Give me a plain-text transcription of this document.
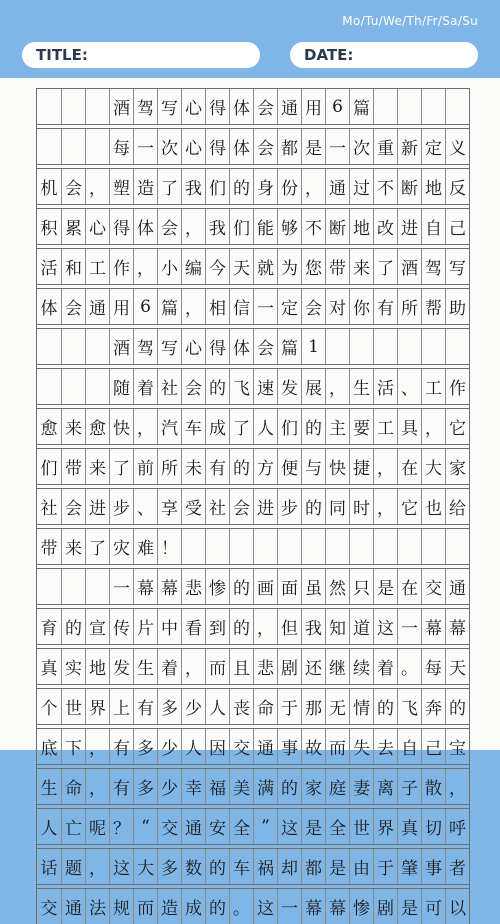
Mo/Tu/We/Th/Fr/Sa/Su
TITLE:	DATE:
酒 驾 写 心 得 体 会 通 用 6 篇
每 一 次 心 得 体 会 都 是 一 次 重 新 定 义
机 会 ， 塑 造 了 我 们 的 身 份 ， 通 过 不 断 地 反
积 累 心 得 体 会 ， 我 们 能 够 不 断 地 改 进 自 己
活 和 工 作 ， 小 编 今 天 就 为 您 带 来 了 酒 驾 写
体 会 通 用 6 篇 ， 相 信 一 定 会 对 你 有 所 帮 助
酒 驾 写 心 得 体 会 篇 1
随 着 社 会 的 飞 速 发 展 ， 生 活 、 工 作
愈 来 愈 快 ， 汽 车 成 了 人 们 的 主 要 工 具 ， 它
们 带 来 了 前 所 未 有 的 方 便 与 快 捷 ， 在 大 家
社 会 进 步 、 享 受 社 会 进 步 的 同 时 ， 它 也 给
带 来 了 灾 难 ！
一 幕 幕 悲 惨 的 画 面 虽 然 只 是 在 交 通
育 的 宣 传 片 中 看 到 的 ， 但 我 知 道 这 一 幕 幕
真 实 地 发 生 着 ， 而 且 悲 剧 还 继 续 着 。 每 天
个 世 界 上 有 多 少 人 丧 命 于 那 无 情 的 飞 奔 的
底 下 ， 有 多 少 人 因 交 通 事 故 而 失 去 自 己 宝
生 命 ， 有 多 少 幸 福 美 满 的 家 庭 妻 离 子 散 ，
人 亡 呢 ？ “ 交 通 安 全 ” 这 是 全 世 界 真 切 呼
话 题 ， 这 大 多 数 的 车 祸 却 都 是 由 于 肇 事 者
交 通 法 规 而 造 成 的 。 这 一 幕 幕 惨 剧 是 可 以
